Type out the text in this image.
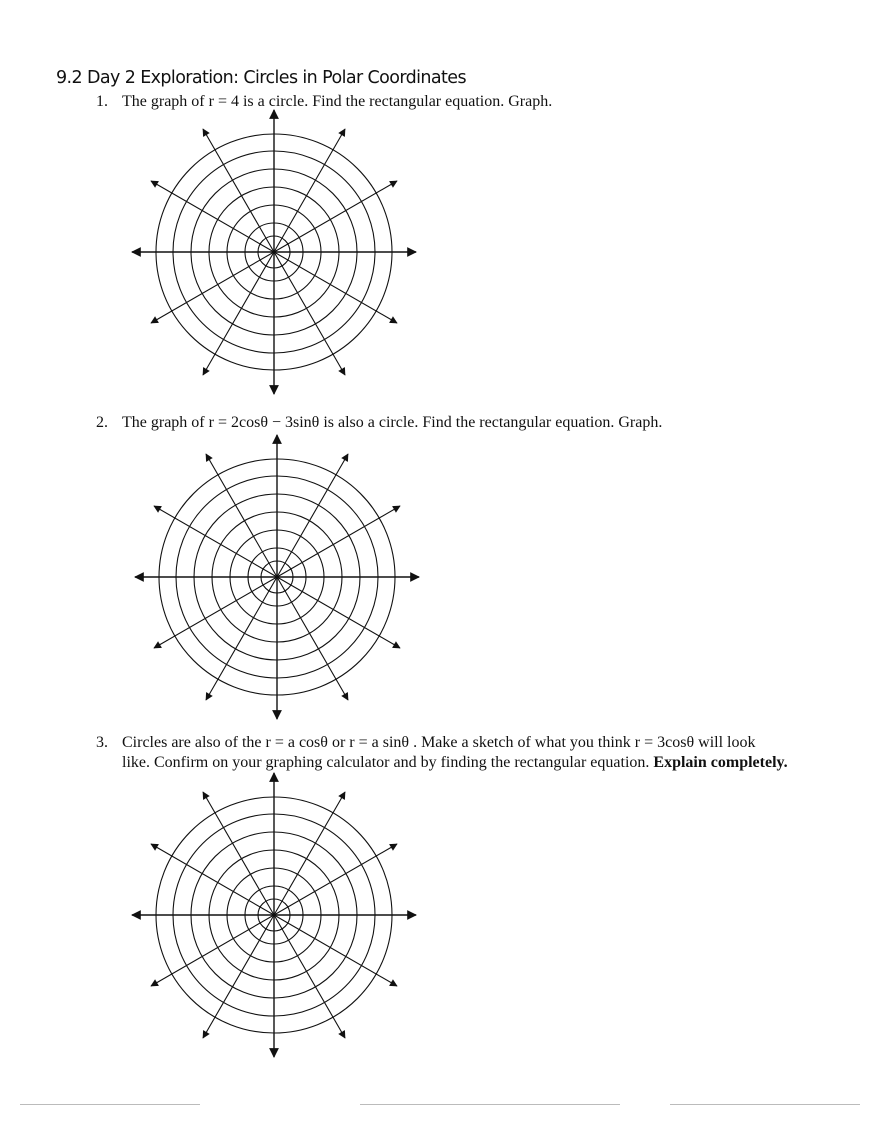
9.2 Day 2 Exploration: Circles in Polar Coordinates
1. The graph of r = 4 is a circle. Find the rectangular equation. Graph.
2. The graph of r = 2cosθ − 3sinθ is also a circle. Find the rectangular equation. Graph.
3. Circles are also of the r = a cosθ or r = a sinθ . Make a sketch of what you think r = 3cosθ will look
like. Confirm on your graphing calculator and by finding the rectangular equation. Explain completely.
